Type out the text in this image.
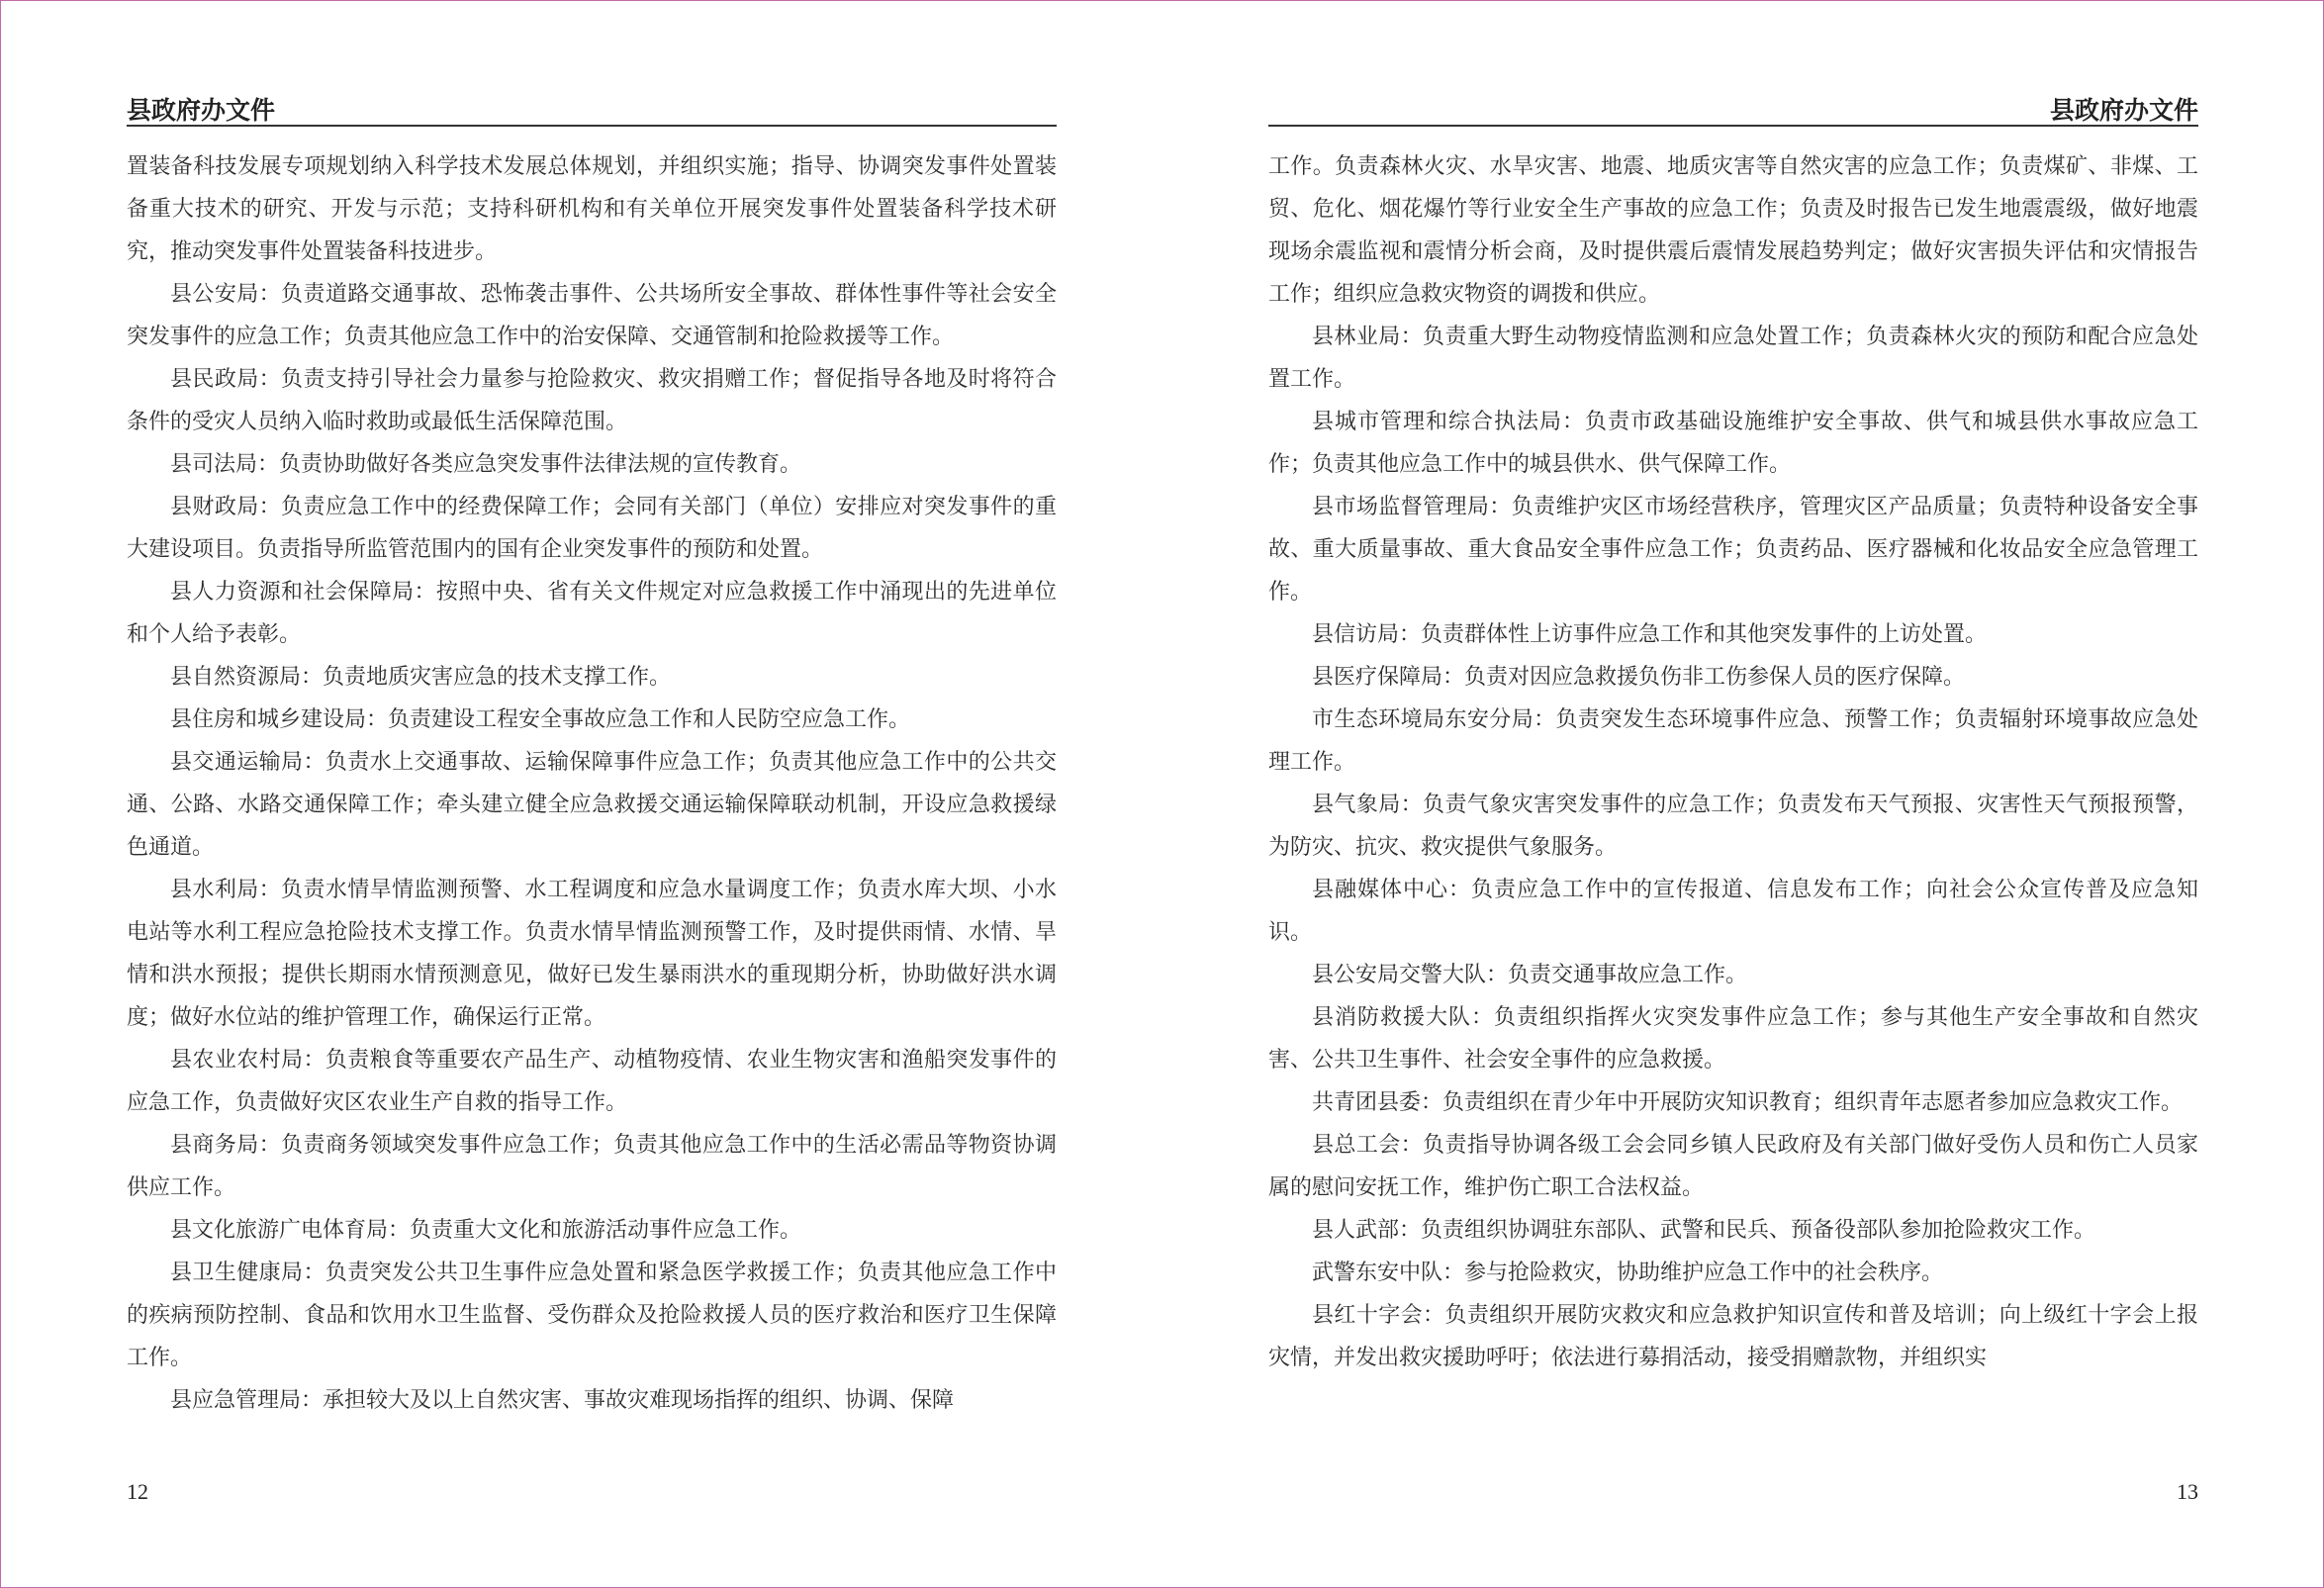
县政府办文件

置装备科技发展专项规划纳入科学技术发展总体规划，并组织实施；指导、协调突发事件处置装备重大技术的研究、开发与示范；支持科研机构和有关单位开展突发事件处置装备科学技术研究，推动突发事件处置装备科技进步。

县公安局：负责道路交通事故、恐怖袭击事件、公共场所安全事故、群体性事件等社会安全突发事件的应急工作；负责其他应急工作中的治安保障、交通管制和抢险救援等工作。

县民政局：负责支持引导社会力量参与抢险救灾、救灾捐赠工作；督促指导各地及时将符合条件的受灾人员纳入临时救助或最低生活保障范围。

县司法局：负责协助做好各类应急突发事件法律法规的宣传教育。

县财政局：负责应急工作中的经费保障工作；会同有关部门（单位）安排应对突发事件的重大建设项目。负责指导所监管范围内的国有企业突发事件的预防和处置。

县人力资源和社会保障局：按照中央、省有关文件规定对应急救援工作中涌现出的先进单位和个人给予表彰。

县自然资源局：负责地质灾害应急的技术支撑工作。

县住房和城乡建设局：负责建设工程安全事故应急工作和人民防空应急工作。

县交通运输局：负责水上交通事故、运输保障事件应急工作；负责其他应急工作中的公共交通、公路、水路交通保障工作；牵头建立健全应急救援交通运输保障联动机制，开设应急救援绿色通道。

县水利局：负责水情旱情监测预警、水工程调度和应急水量调度工作；负责水库大坝、小水电站等水利工程应急抢险技术支撑工作。负责水情旱情监测预警工作，及时提供雨情、水情、旱情和洪水预报；提供长期雨水情预测意见，做好已发生暴雨洪水的重现期分析，协助做好洪水调度；做好水位站的维护管理工作，确保运行正常。

县农业农村局：负责粮食等重要农产品生产、动植物疫情、农业生物灾害和渔船突发事件的应急工作，负责做好灾区农业生产自救的指导工作。

县商务局：负责商务领域突发事件应急工作；负责其他应急工作中的生活必需品等物资协调供应工作。

县文化旅游广电体育局：负责重大文化和旅游活动事件应急工作。

县卫生健康局：负责突发公共卫生事件应急处置和紧急医学救援工作；负责其他应急工作中的疾病预防控制、食品和饮用水卫生监督、受伤群众及抢险救援人员的医疗救治和医疗卫生保障工作。

县应急管理局：承担较大及以上自然灾害、事故灾难现场指挥的组织、协调、保障

12
县政府办文件

工作。负责森林火灾、水旱灾害、地震、地质灾害等自然灾害的应急工作；负责煤矿、非煤、工贸、危化、烟花爆竹等行业安全生产事故的应急工作；负责及时报告已发生地震震级，做好地震现场余震监视和震情分析会商，及时提供震后震情发展趋势判定；做好灾害损失评估和灾情报告工作；组织应急救灾物资的调拨和供应。

县林业局：负责重大野生动物疫情监测和应急处置工作；负责森林火灾的预防和配合应急处置工作。

县城市管理和综合执法局：负责市政基础设施维护安全事故、供气和城县供水事故应急工作；负责其他应急工作中的城县供水、供气保障工作。

县市场监督管理局：负责维护灾区市场经营秩序，管理灾区产品质量；负责特种设备安全事故、重大质量事故、重大食品安全事件应急工作；负责药品、医疗器械和化妆品安全应急管理工作。

县信访局：负责群体性上访事件应急工作和其他突发事件的上访处置。

县医疗保障局：负责对因应急救援负伤非工伤参保人员的医疗保障。

市生态环境局东安分局：负责突发生态环境事件应急、预警工作；负责辐射环境事故应急处理工作。

县气象局：负责气象灾害突发事件的应急工作；负责发布天气预报、灾害性天气预报预警，为防灾、抗灾、救灾提供气象服务。

县融媒体中心：负责应急工作中的宣传报道、信息发布工作；向社会公众宣传普及应急知识。

县公安局交警大队：负责交通事故应急工作。

县消防救援大队：负责组织指挥火灾突发事件应急工作；参与其他生产安全事故和自然灾害、公共卫生事件、社会安全事件的应急救援。

共青团县委：负责组织在青少年中开展防灾知识教育；组织青年志愿者参加应急救灾工作。

县总工会：负责指导协调各级工会会同乡镇人民政府及有关部门做好受伤人员和伤亡人员家属的慰问安抚工作，维护伤亡职工合法权益。

县人武部：负责组织协调驻东部队、武警和民兵、预备役部队参加抢险救灾工作。

武警东安中队：参与抢险救灾，协助维护应急工作中的社会秩序。

县红十字会：负责组织开展防灾救灾和应急救护知识宣传和普及培训；向上级红十字会上报灾情，并发出救灾援助呼吁；依法进行募捐活动，接受捐赠款物，并组织实

13
